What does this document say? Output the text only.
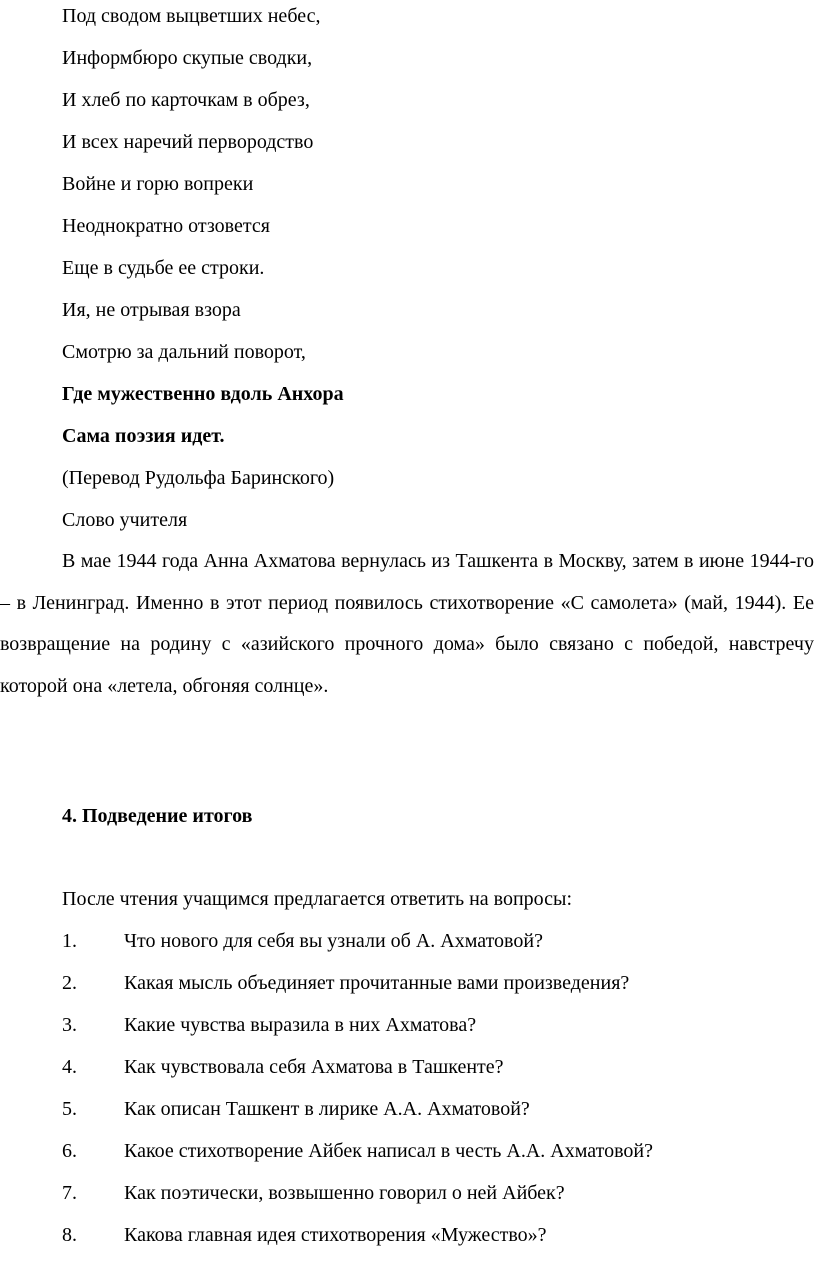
Под сводом выцветших небес,
Информбюро скупые сводки,
И хлеб по карточкам в обрез,
И всех наречий первородство
Войне и горю вопреки
Неоднократно отзовется
Еще в судьбе ее строки.
Ия, не отрывая взора
Смотрю за дальний поворот,
Где мужественно вдоль Анхора
Сама поэзия идет.
(Перевод Рудольфа Баринского)
Слово учителя
В мае 1944 года Анна Ахматова вернулась из Ташкента в Москву, затем в июне 1944-го – в Ленинград. Именно в этот период появилось стихотворение «С самолета» (май, 1944). Ее возвращение на родину с «азийского прочного дома» было связано с победой, навстречу которой она «летела, обгоняя солнце».
4. Подведение итогов
После чтения учащимся предлагается ответить на вопросы:
1. Что нового для себя вы узнали об А. Ахматовой?
2. Какая мысль объединяет прочитанные вами произведения?
3. Какие чувства выразила в них Ахматова?
4. Как чувствовала себя Ахматова в Ташкенте?
5. Как описан Ташкент в лирике А.А. Ахматовой?
6. Какое стихотворение Айбек написал в честь А.А. Ахматовой?
7. Как поэтически, возвышенно говорил о ней Айбек?
8. Какова главная идея стихотворения «Мужество»?
